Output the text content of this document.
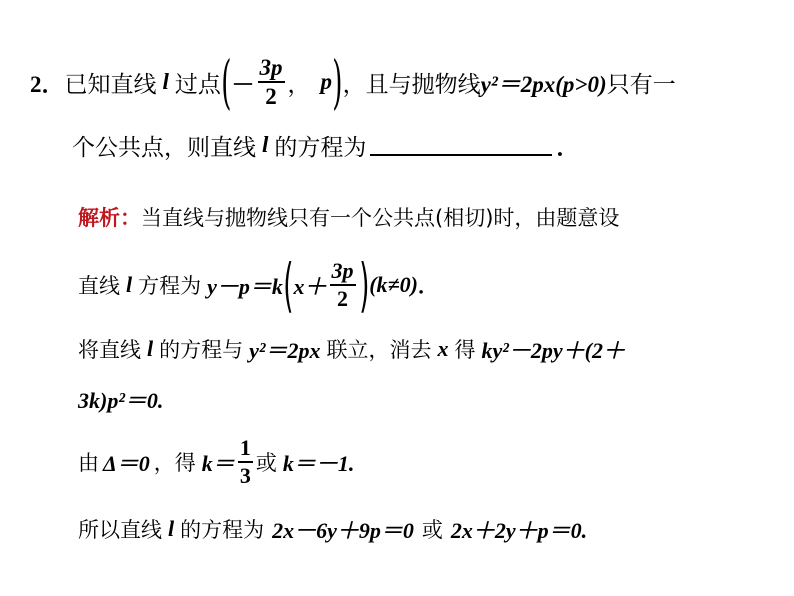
2． 已知直线 l 过点 ( － $\frac{3p}{2}$ ， p ) ，且与抛物线 y²＝2px(p>0) 只有一
个公共点，则直线 l 的方程为	．
解析： 当直线与抛物线只有一个公共点(相切)时，由题意设
直线 l 方程为 y－p＝k ( $x+ \frac{3p}{2}$ ) (k≠0) ．
将直线 l 的方程与 y²＝2px 联立，消去 x 得 ky²－2py＋(2＋
3k)p²＝0.
由 Δ＝0 ，得 $k= \frac{1}{3}$ 或 k＝－1.
所以直线 l 的方程为 2x－6y＋9p＝0 或 2x＋2y＋p＝0.
